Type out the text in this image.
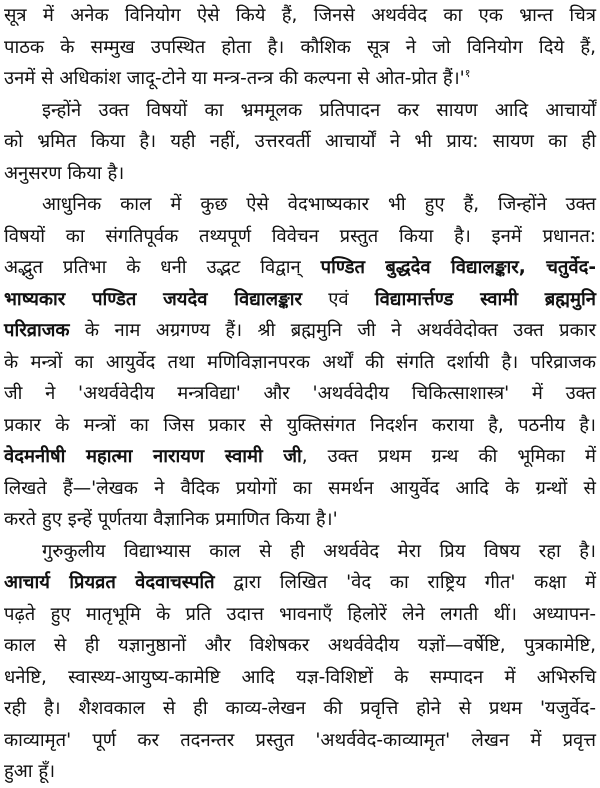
सूत्र में अनेक विनियोग ऐसे किये हैं, जिनसे अथर्ववेद का एक भ्रान्त चित्र
पाठक के सम्मुख उपस्थित होता है। कौशिक सूत्र ने जो विनियोग दिये हैं,
उनमें से अधिकांश जादू-टोने या मन्त्र-तन्त्र की कल्पना से ओत-प्रोत $हैं।'^१$
इन्होंने उक्त विषयों का भ्रममूलक प्रतिपादन कर सायण आदि आचार्यों
को भ्रमित किया है। यही नहीं, उत्तरवर्ती आचार्यों ने भी प्राय: सायण का ही
अनुसरण किया है।
आधुनिक काल में कुछ ऐसे वेदभाष्यकार भी हुए हैं, जिन्होंने उक्त
विषयों का संगतिपूर्वक तथ्यपूर्ण विवेचन प्रस्तुत किया है। इनमें प्रधानत:
अद्भुत प्रतिभा के धनी उद्भट विद्वान् पण्डित बुद्धदेव विद्यालङ्कार, चतुर्वेद-
भाष्यकार पण्डित जयदेव विद्यालङ्कार एवं विद्यामार्त्तण्ड स्वामी ब्रह्ममुनि
परिव्राजक के नाम अग्रगण्य हैं। श्री ब्रह्ममुनि जी ने अथर्ववेदोक्त उक्त प्रकार
के मन्त्रों का आयुर्वेद तथा मणिविज्ञानपरक अर्थों की संगति दर्शायी है। परिव्राजक
जी ने 'अथर्ववेदीय मन्त्रविद्या' और 'अथर्ववेदीय चिकित्साशास्त्र' में उक्त
प्रकार के मन्त्रों का जिस प्रकार से युक्तिसंगत निदर्शन कराया है, पठनीय है।
वेदमनीषी महात्मा नारायण स्वामी जी, उक्त प्रथम ग्रन्थ की भूमिका में
लिखते हैं—'लेखक ने वैदिक प्रयोगों का समर्थन आयुर्वेद आदि के ग्रन्थों से
करते हुए इन्हें पूर्णतया वैज्ञानिक प्रमाणित किया है।'
गुरुकुलीय विद्याभ्यास काल से ही अथर्ववेद मेरा प्रिय विषय रहा है।
आचार्य प्रियव्रत वेदवाचस्पति द्वारा लिखित 'वेद का राष्ट्रिय गीत' कक्षा में
पढ़ते हुए मातृभूमि के प्रति उदात्त भावनाएँ हिलोरें लेने लगती थीं। अध्यापन-
काल से ही यज्ञानुष्ठानों और विशेषकर अथर्ववेदीय यज्ञों—वर्षेष्टि, पुत्रकामेष्टि,
धनेष्टि, स्वास्थ्य-आयुष्य-कामेष्टि आदि यज्ञ-विशिष्टों के सम्पादन में अभिरुचि
रही है। शैशवकाल से ही काव्य-लेखन की प्रवृत्ति होने से प्रथम 'यजुर्वेद-
काव्यामृत' पूर्ण कर तदनन्तर प्रस्तुत 'अथर्ववेद-काव्यामृत' लेखन में प्रवृत्त
हुआ हूँ।
